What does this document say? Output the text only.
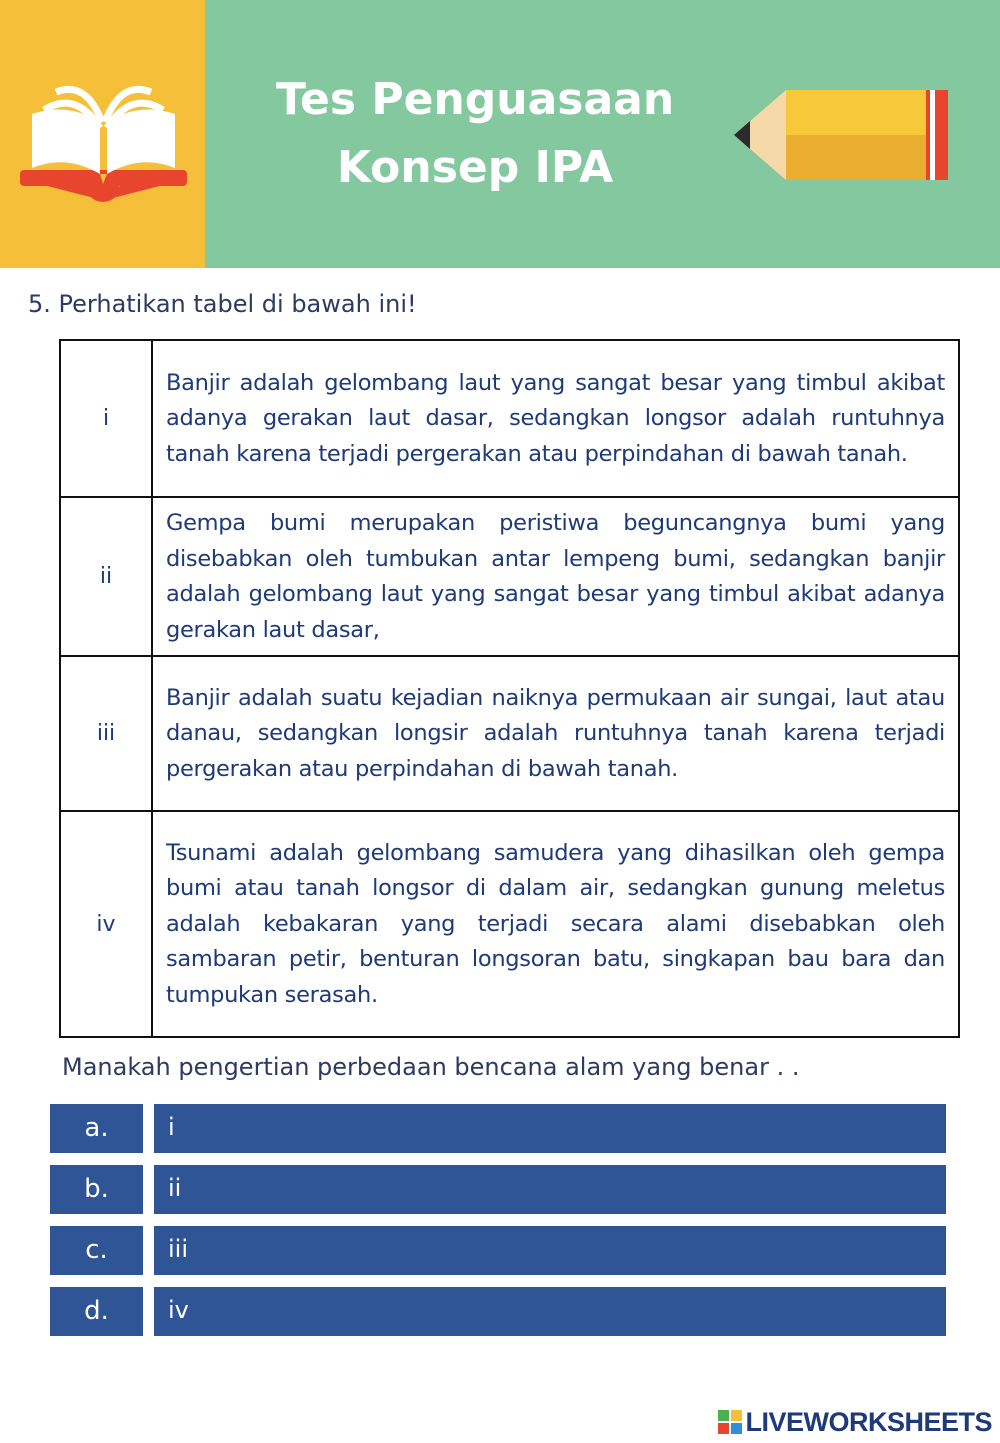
Tes Penguasaan
Konsep IPA
5. Perhatikan tabel di bawah ini!
i	Banjir adalah gelombang laut yang sangat besar yang timbul akibat adanya gerakan laut dasar, sedangkan longsor adalah runtuhnya tanah karena terjadi pergerakan atau perpindahan di bawah tanah.
ii	Gempa bumi merupakan peristiwa beguncangnya bumi yang disebabkan oleh tumbukan antar lempeng bumi, sedangkan banjir adalah gelombang laut yang sangat besar yang timbul akibat adanya gerakan laut dasar,
iii	Banjir adalah suatu kejadian naiknya permukaan air sungai, laut atau danau, sedangkan longsir adalah runtuhnya tanah karena terjadi pergerakan atau perpindahan di bawah tanah.
iv	Tsunami adalah gelombang samudera yang dihasilkan oleh gempa bumi atau tanah longsor di dalam air, sedangkan gunung meletus adalah kebakaran yang terjadi secara alami disebabkan oleh sambaran petir, benturan longsoran batu, singkapan bau bara dan tumpukan serasah.
Manakah pengertian perbedaan bencana alam yang benar . .
a.	i
b.	ii
c.	iii
d.	iv
LIVEWORKSHEETS
